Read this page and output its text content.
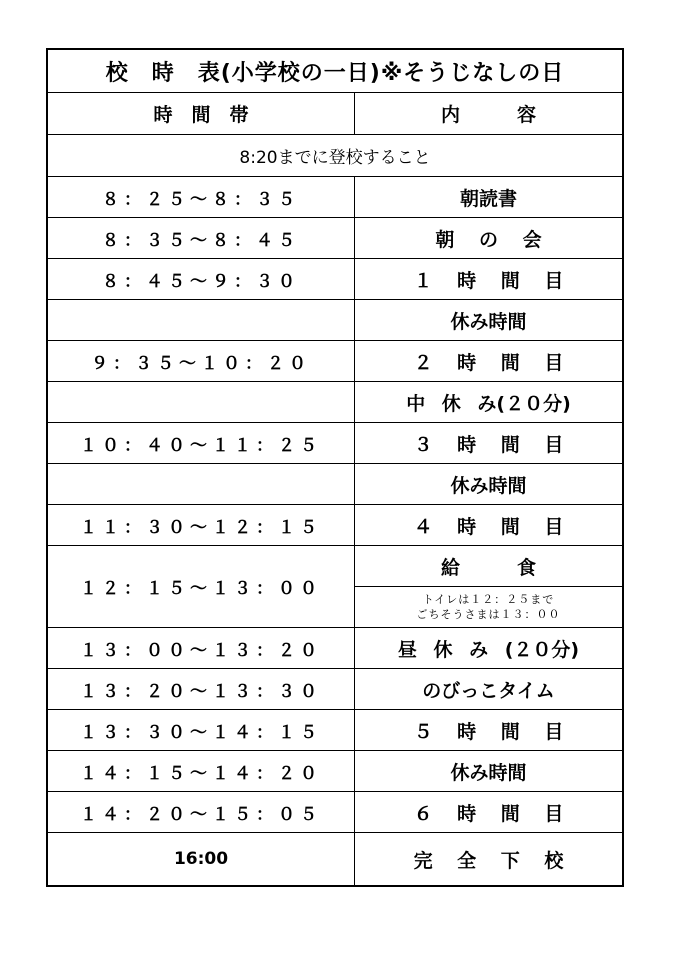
校　時　表(小学校の一日)※そうじなしの日	
時　間　帯	内　　　容
8:20までに登校すること	
８：２５～８：３５	朝読書
８：３５～８：４５	朝 の 会
８：４５～９：３０	１ 時 間 目
	休み時間
９：３５～１０：２０	２ 時 間 目
	中 休 み(２０分)
１０：４０～１１：２５	３ 時 間 目
	休み時間
１１：３０～１２：１５	４ 時 間 目
１２：１５～１３：００	給　　　食

	トイレは１２：２５まで
ごちそうさまは１３：００

１３：００～１３：２０	昼 休 み (２０分)
１３：２０～１３：３０	のびっこタイム
１３：３０～１４：１５	５ 時 間 目
１４：１５～１４：２０	休み時間
１４：２０～１５：０５	６ 時 間 目
16:00	完 全 下 校
